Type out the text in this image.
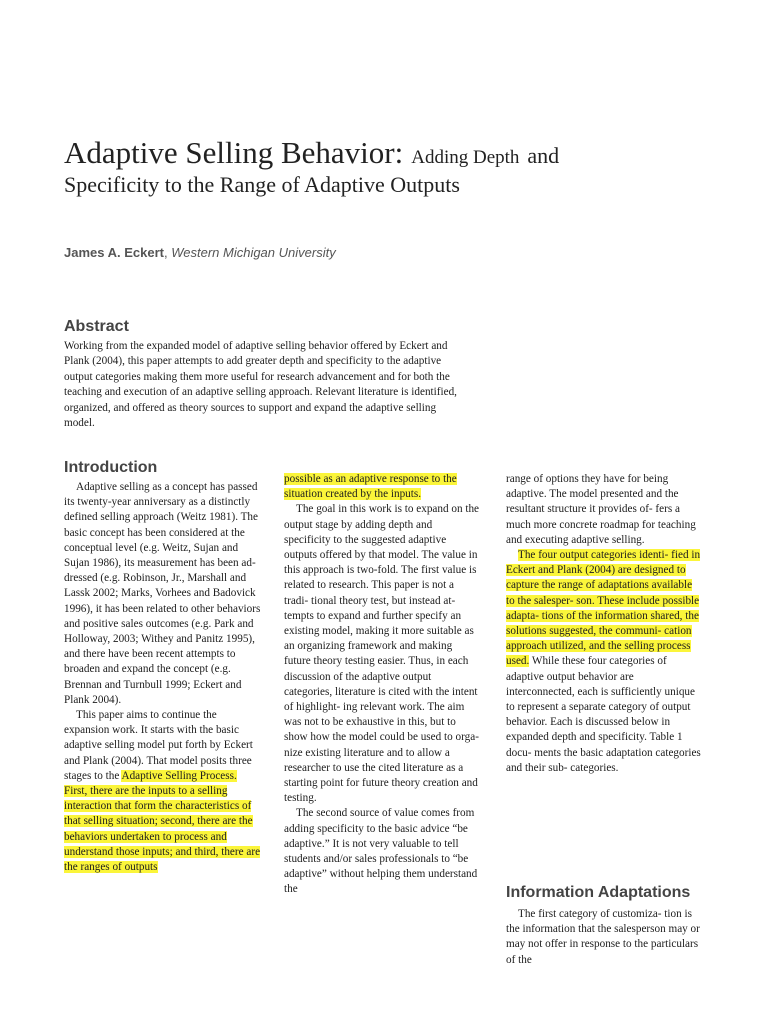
Adaptive Selling Behavior: Adding Depth and
Specificity to the Range of Adaptive Outputs
James A. Eckert, Western Michigan University
Abstract

Working from the expanded model of adaptive selling behavior offered by Eckert and Plank (2004), this paper attempts to add greater depth and specificity to the adaptive output categories making them more useful for research advancement and for both the teaching and execution of an adaptive selling approach. Relevant literature is identified, organized, and offered as theory sources to support and expand the adaptive selling model.

Introduction

Adaptive selling as a concept has passed its twenty-year anniversary as a distinctly defined selling approach (Weitz 1981). The basic concept has been considered at the conceptual level (e.g. Weitz, Sujan and Sujan 1986), its measurement has been ad- dressed (e.g. Robinson, Jr., Marshall and Lassk 2002; Marks, Vorhees and Badovick 1996), it has been related to other behaviors and positive sales outcomes (e.g. Park and Holloway, 2003; Withey and Panitz 1995), and there have been recent attempts to broaden and expand the concept (e.g. Brennan and Turnbull 1999; Eckert and Plank 2004).

This paper aims to continue the expansion work. It starts with the basic adaptive selling model put forth by Eckert and Plank (2004). That model posits three stages to the Adaptive Selling Process. First, there are the inputs to a selling interaction that form the characteristics of that selling situation; second, there are the behaviors undertaken to process and understand those inputs; and third, there are the ranges of outputs

possible as an adaptive response to the situation created by the inputs.

The goal in this work is to expand on the output stage by adding depth and specificity to the suggested adaptive outputs offered by that model. The value in this approach is two-fold. The first value is related to research. This paper is not a tradi- tional theory test, but instead at- tempts to expand and further specify an existing model, making it more suitable as an organizing framework and making future theory testing easier. Thus, in each discussion of the adaptive output categories, literature is cited with the intent of highlight- ing relevant work. The aim was not to be exhaustive in this, but to show how the model could be used to orga- nize existing literature and to allow a researcher to use the cited literature as a starting point for future theory creation and testing.

The second source of value comes from adding specificity to the basic advice “be adaptive.” It is not very valuable to tell students and/or sales professionals to “be adaptive” without helping them understand the

range of options they have for being adaptive. The model presented and the resultant structure it provides of- fers a much more concrete roadmap for teaching and executing adaptive selling.

The four output categories identi- fied in Eckert and Plank (2004) are designed to capture the range of adaptations available to the salesper- son. These include possible adapta- tions of the information shared, the solutions suggested, the communi- cation approach utilized, and the selling process used. While these four categories of adaptive output behavior are interconnected, each is sufficiently unique to represent a separate category of output behavior. Each is discussed below in expanded depth and specificity. Table 1 docu- ments the basic adaptation categories and their sub- categories.

Information Adaptations

The first category of customiza- tion is the information that the salesperson may or may not offer in response to the particulars of the
